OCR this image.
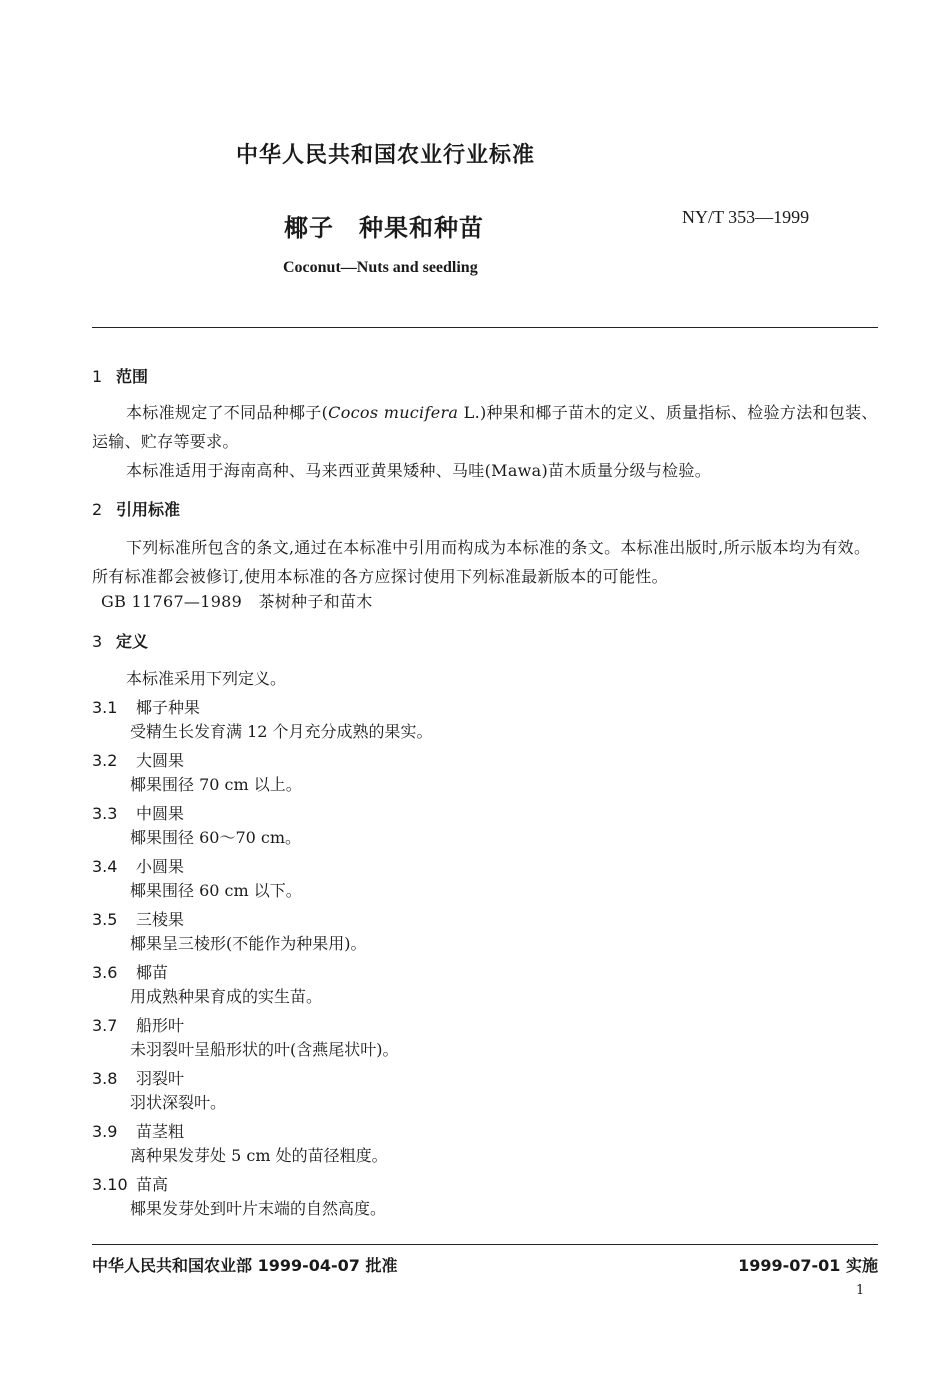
中华人民共和国农业行业标准
椰子　种果和种苗	NY/T 353—1999
Coconut—Nuts and seedling
1 范围
本标准规定了不同品种椰子(Cocos mucifera L.)种果和椰子苗木的定义、质量指标、检验方法和包装、运输、贮存等要求。
本标准适用于海南高种、马来西亚黄果矮种、马哇(Mawa)苗木质量分级与检验。
2 引用标准
下列标准所包含的条文,通过在本标准中引用而构成为本标准的条文。本标准出版时,所示版本均为有效。所有标准都会被修订,使用本标准的各方应探讨使用下列标准最新版本的可能性。
GB 11767—1989　茶树种子和苗木
3 定义
本标准采用下列定义。
3.1 椰子种果
受精生长发育满 12 个月充分成熟的果实。
3.2 大圆果
椰果围径 70 cm 以上。
3.3 中圆果
椰果围径 60～70 cm。
3.4 小圆果
椰果围径 60 cm 以下。
3.5 三棱果
椰果呈三棱形(不能作为种果用)。
3.6 椰苗
用成熟种果育成的实生苗。
3.7 船形叶
未羽裂叶呈船形状的叶(含燕尾状叶)。
3.8 羽裂叶
羽状深裂叶。
3.9 苗茎粗
离种果发芽处 5 cm 处的苗径粗度。
3.10 苗高
椰果发芽处到叶片末端的自然高度。
中华人民共和国农业部 1999-04-07 批准	1999-07-01 实施
1
